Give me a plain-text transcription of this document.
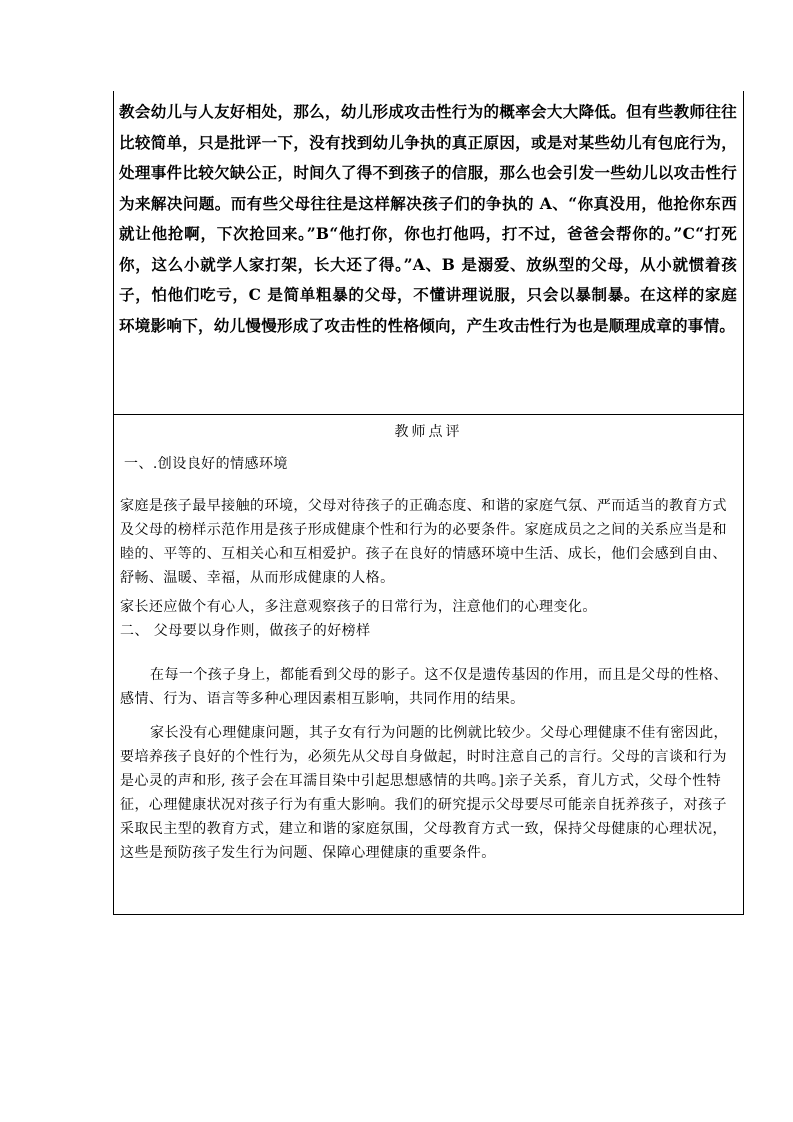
教会幼儿与人友好相处，那么，幼儿形成攻击性行为的概率会大大降低。但有些教师往往比较简单，只是批评一下，没有找到幼儿争执的真正原因，或是对某些幼儿有包庇行为，处理事件比较欠缺公正，时间久了得不到孩子的信服，那么也会引发一些幼儿以攻击性行为来解决问题。而有些父母往往是这样解决孩子们的争执的 A、“你真没用，他抢你东西就让他抢啊，下次抢回来。”B“他打你，你也打他吗，打不过，爸爸会帮你的。”C“打死你，这么小就学人家打架，长大还了得。”A、B 是溺爱、放纵型的父母，从小就惯着孩子，怕他们吃亏，C 是简单粗暴的父母，不懂讲理说服，只会以暴制暴。在这样的家庭环境影响下，幼儿慢慢形成了攻击性的性格倾向，产生攻击性行为也是顺理成章的事情。

教师点评

一、.创设良好的情感环境

家庭是孩子最早接触的环境，父母对待孩子的正确态度、和谐的家庭气氛、严而适当的教育方式及父母的榜样示范作用是孩子形成健康个性和行为的必要条件。家庭成员之之间的关系应当是和睦的、平等的、互相关心和互相爱护。孩子在良好的情感环境中生活、成长，他们会感到自由、舒畅、温暖、幸福，从而形成健康的人格。

家长还应做个有心人，多注意观察孩子的日常行为，注意他们的心理变化。

二、 父母要以身作则，做孩子的好榜样

在每一个孩子身上，都能看到父母的影子。这不仅是遗传基因的作用，而且是父母的性格、感情、行为、语言等多种心理因素相互影响，共同作用的结果。

家长没有心理健康问题，其子女有行为问题的比例就比较少。父母心理健康不佳有密因此，要培养孩子良好的个性行为，必须先从父母自身做起，时时注意自己的言行。父母的言谈和行为是心灵的声和形, 孩子会在耳濡目染中引起思想感情的共鸣。]亲子关系，育儿方式，父母个性特征，心理健康状况对孩子行为有重大影响。我们的研究提示父母要尽可能亲自抚养孩子，对孩子采取民主型的教育方式，建立和谐的家庭氛围，父母教育方式一致，保持父母健康的心理状况，这些是预防孩子发生行为问题、保障心理健康的重要条件。
